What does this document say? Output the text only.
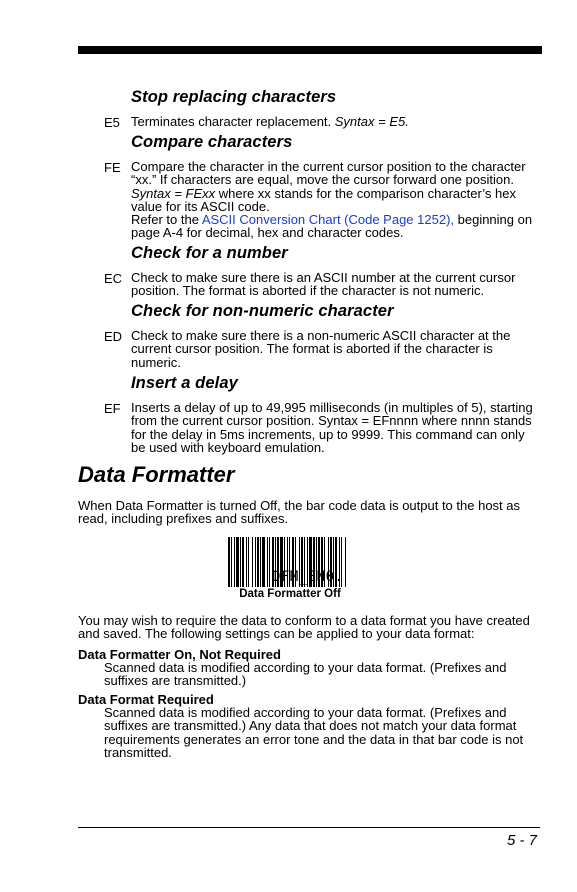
Stop replacing characters
E5 Terminates character replacement. Syntax = E5.
Compare characters
FE Compare the character in the current cursor position to the character “xx.” If characters are equal, move the cursor forward one position. Syntax = FExx where xx stands for the comparison character’s hex value for its ASCII code.

Refer to the ASCII Conversion Chart (Code Page 1252), beginning on page A-4 for decimal, hex and character codes.

Check for a number
EC Check to make sure there is an ASCII number at the current cursor position. The format is aborted if the character is not numeric.
Check for non-numeric character
ED Check to make sure there is a non-numeric ASCII character at the current cursor position. The format is aborted if the character is numeric.
Insert a delay
EF Inserts a delay of up to 49,995 milliseconds (in multiples of 5), starting from the current cursor position. Syntax = EFnnnn where nnnn stands for the delay in 5ms increments, up to 9999. This command can only be used with keyboard emulation.
Data Formatter
When Data Formatter is turned Off, the bar code data is output to the host as read, including prefixes and suffixes.
DFM_EN0.
Data Formatter Off
You may wish to require the data to conform to a data format you have created and saved. The following settings can be applied to your data format:
Data Formatter On, Not Required
Scanned data is modified according to your data format. (Prefixes and suffixes are transmitted.)
Data Format Required
Scanned data is modified according to your data format. (Prefixes and suffixes are transmitted.) Any data that does not match your data format requirements generates an error tone and the data in that bar code is not transmitted.
5 - 7
